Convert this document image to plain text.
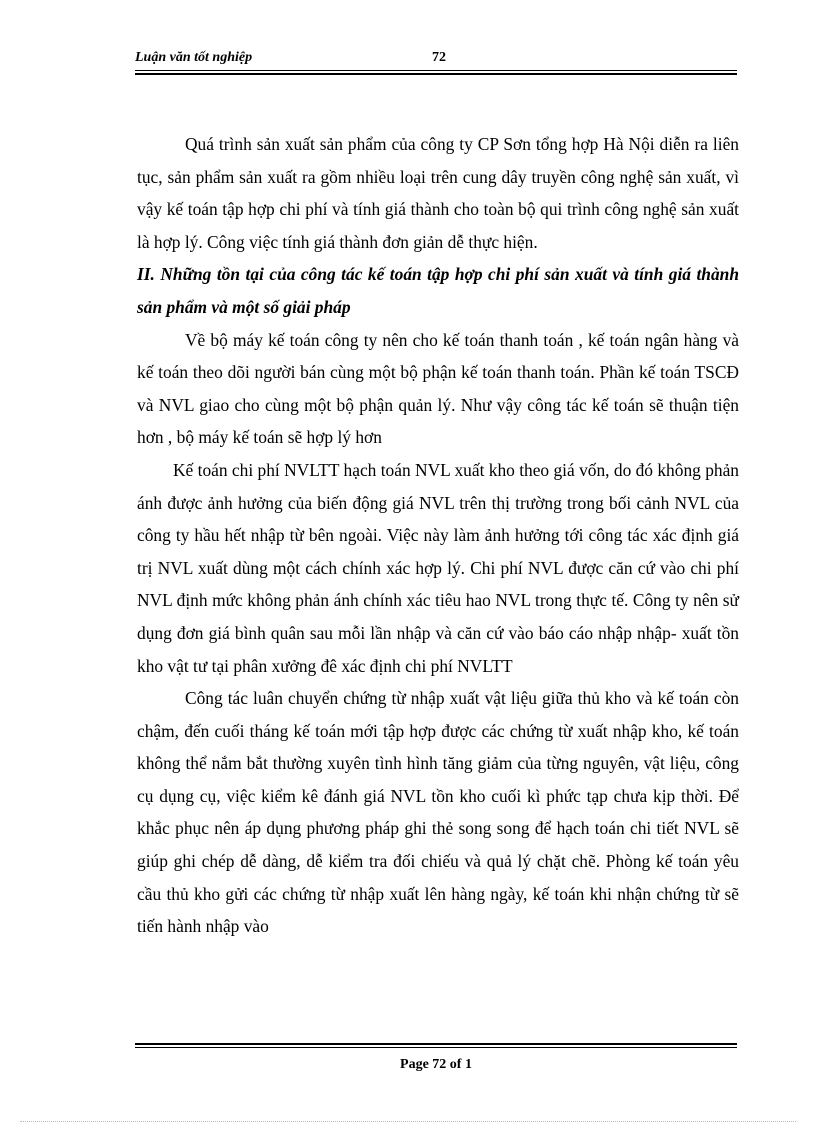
Luận văn tốt nghiệp	72

Quá trình sản xuất sản phẩm của công ty CP Sơn tổng hợp Hà Nội diễn ra liên tục, sản phẩm sản xuất ra gồm nhiều loại trên cung dây truyền công nghệ sản xuất, vì vậy kế toán tập hợp chi phí và tính giá thành cho toàn bộ qui trình công nghệ sản xuất là hợp lý. Công việc tính giá thành đơn giản dễ thực hiện.

II. Những tồn tại của công tác kế toán tập hợp chi phí sản xuất và tính giá thành sản phẩm và một số giải pháp

Về bộ máy kế toán công ty nên cho kế toán thanh toán , kế toán ngân hàng và kế toán theo dõi người bán cùng một bộ phận kế toán thanh toán. Phần kế toán TSCĐ và NVL giao cho cùng một bộ phận quản lý. Như vậy công tác kế toán sẽ thuận tiện hơn , bộ máy kế toán sẽ hợp lý hơn

Kế toán chi phí NVLTT hạch toán NVL xuất kho theo giá vốn, do đó không phản ánh được ảnh hưởng của biến động giá NVL trên thị trường trong bối cảnh NVL của công ty hầu hết nhập từ bên ngoài. Việc này làm ảnh hưởng tới công tác xác định giá trị NVL xuất dùng một cách chính xác hợp lý. Chi phí NVL được căn cứ vào chi phí NVL định mức không phản ánh chính xác tiêu hao NVL trong thực tế. Công ty nên sử dụng đơn giá bình quân sau mỗi lần nhập và căn cứ vào báo cáo nhập nhập- xuất tồn kho vật tư tại phân xưởng đê xác định chi phí NVLTT

Công tác luân chuyển chứng từ nhập xuất vật liệu giữa thủ kho và kế toán còn chậm, đến cuối tháng kế toán mới tập hợp được các chứng từ xuất nhập kho, kế toán không thể nắm bắt thường xuyên tình hình tăng giảm của từng nguyên, vật liệu, công cụ dụng cụ, việc kiểm kê đánh giá NVL tồn kho cuối kì phức tạp chưa kịp thời. Để khắc phục nên áp dụng phương pháp ghi thẻ song song để hạch toán chi tiết NVL sẽ giúp ghi chép dễ dàng, dễ kiểm tra đối chiếu và quả lý chặt chẽ. Phòng kế toán yêu cầu thủ kho gửi các chứng từ nhập xuất lên hàng ngày, kế toán khi nhận chứng từ sẽ tiến hành nhập vào

Page 72 of 1
